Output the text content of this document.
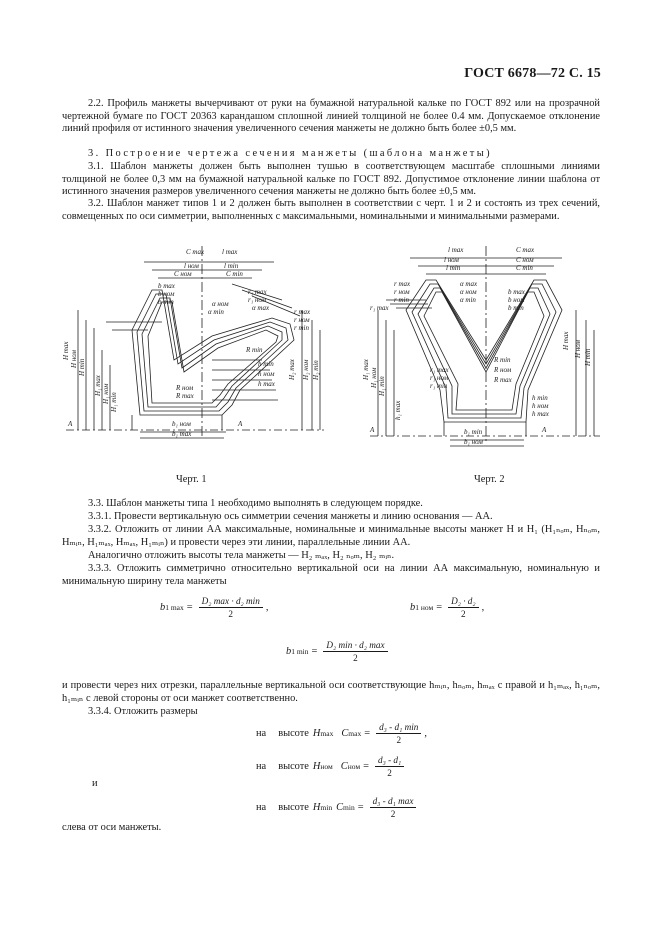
ГОСТ 6678—72 С. 15
2.2. Профиль манжеты вычерчивают от руки на бумажной натуральной кальке по ГОСТ 892 или на прозрачной чертежной бумаге по ГОСТ 20363 карандашом сплошной линией толщиной не более 0.4 мм. Допускаемое отклонение линий профиля от истинного значения увеличенного сечения манжеты не должно быть более ±0,5 мм.
3. Построение чертежа сечения манжеты (шаблона манжеты)
3.1. Шаблон манжеты должен быть выполнен тушью в соответствующем масштабе сплошными линиями толщиной не более 0,3 мм на бумажной натуральной кальке по ГОСТ 892. Допустимое отклонение линии шаблона от истинного значения размеров увеличенного сечения манжеты не должно быть более ±0,5 мм.
3.2. Шаблон манжет типов 1 и 2 должен быть выполнен в соответствии с черт. 1 и 2 и состоять из трех сечений, совмещенных по оси симметрии, выполненных с максимальными, номинальными и минимальными размерами.
C max	l max
l ном	l min
C ном	C min
b max
b ном
b min
r₁ max
r₁ ном
α ном
α min	α max	r max
r ном
r min
R min
R ном
R max
H max H ном H min
H₁ max H₁ ном H₁ min
h min
h ном
h max
H₂ max H₂ ном H₂ min
b₁ max
b₁ ном
A	A
l max	C max
l ном	C ном
l min	C min
r max
r ном
r min
α max
α ном
α min
b max
b ном
b min
r₁ max
H₁ max H₁ ном H₁ min
H max H ном H min
R min
R ном
R max
r₁ max
r₁ ном
r₁ min
h min
h ном
h max
h₁ max
b₁ min
b₁ ном
A	A
Черт. 1	Черт. 2
3.3. Шаблон манжеты типа 1 необходимо выполнять в следующем порядке.
3.3.1. Провести вертикальную ось симметрии сечения манжеты и линию основания — АА.
3.3.2. Отложить от линии АА максимальные, номинальные и минимальные высоты манжет H и H₁ (H₁ₙₒₘ, Hₙₒₘ, Hₘᵢₙ, H₁ₘₐₓ, Hₘₐₓ, H₁ₘᵢₙ) и провести через эти линии, параллельные линии АА.
Аналогично отложить высоты тела манжеты — H₂ ₘₐₓ, H₂ ₙₒₘ, H₂ ₘᵢₙ.
3.3.3. Отложить симметрично относительно вертикальной оси на линии АА максимальную, номинальную и минимальную ширину тела манжеты
b 1 $\max = \frac{\text{D₂ max · d₂ min}}{2}$ ,	b 1 ном = $\frac{\text{D₂ · d₂}}{2}$ ,
b 1 $\min = \frac{\text{D₂ min · d₂ max}}{2}$
и провести через них отрезки, параллельные вертикальной оси соответствующие hₘᵢₙ, hₙₒₘ, hₘₐₓ с правой и h₁ₘₐₓ, h₁ₙₒₘ, h₁ₘᵢₙ с левой стороны от оси манжет соответственно.
3.3.4. Отложить размеры
на высоте H max C $\max = \frac{\text{d₃ - d₁ min}}{2}$ ,
на высоте H ном C ном = $\frac{\text{d₃ - d₁}}{2}$
и
на высоте H min C $\min = \frac{\text{d₃ - d₁ max}}{2}$
слева от оси манжеты.
